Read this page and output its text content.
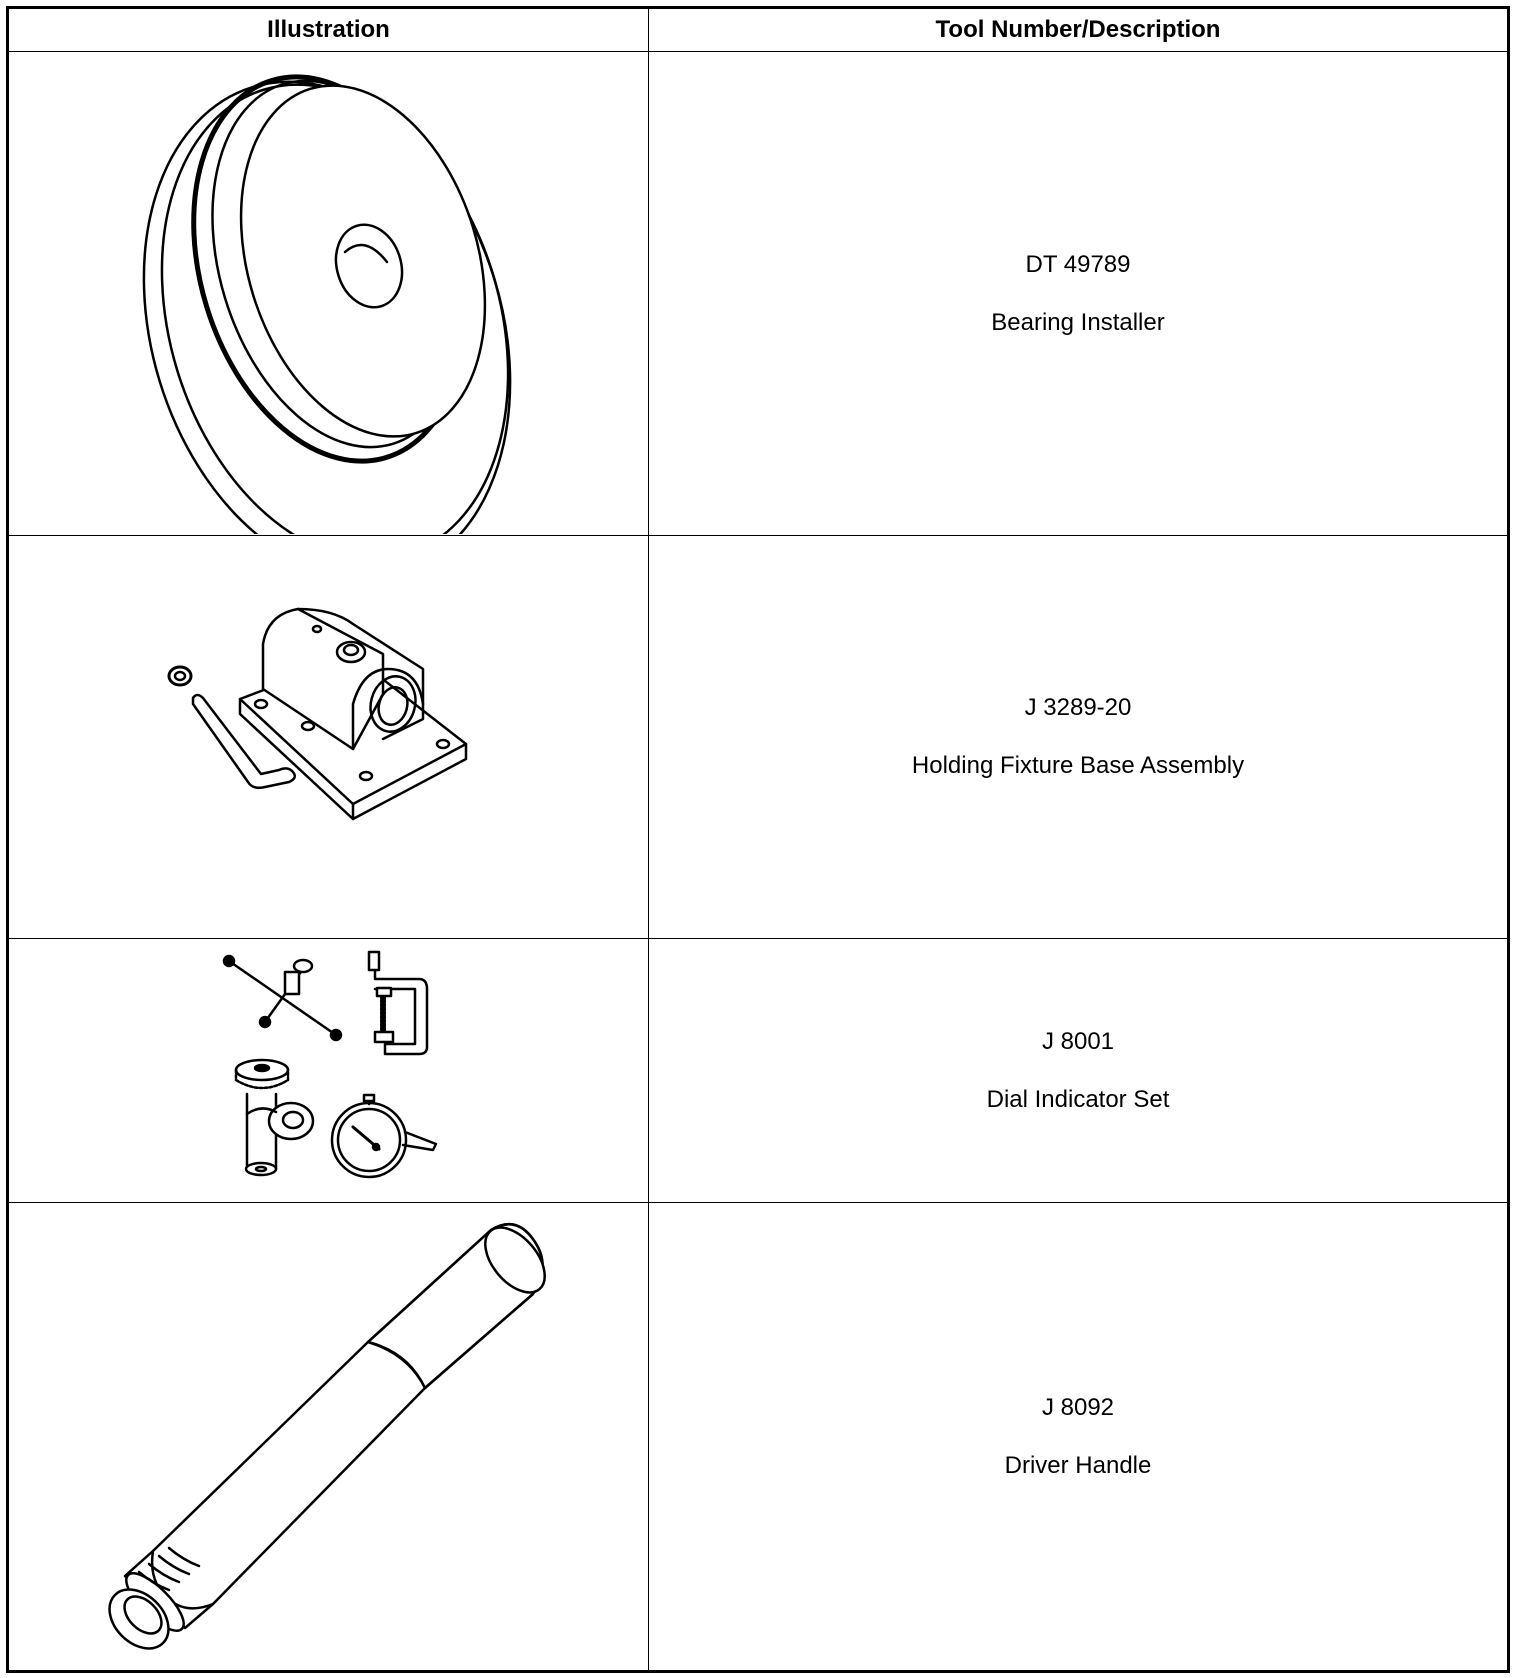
Illustration	Tool Number/Description
DT 49789
Bearing Installer
J 3289-20
Holding Fixture Base Assembly
J 8001
Dial Indicator Set
J 8092
Driver Handle
